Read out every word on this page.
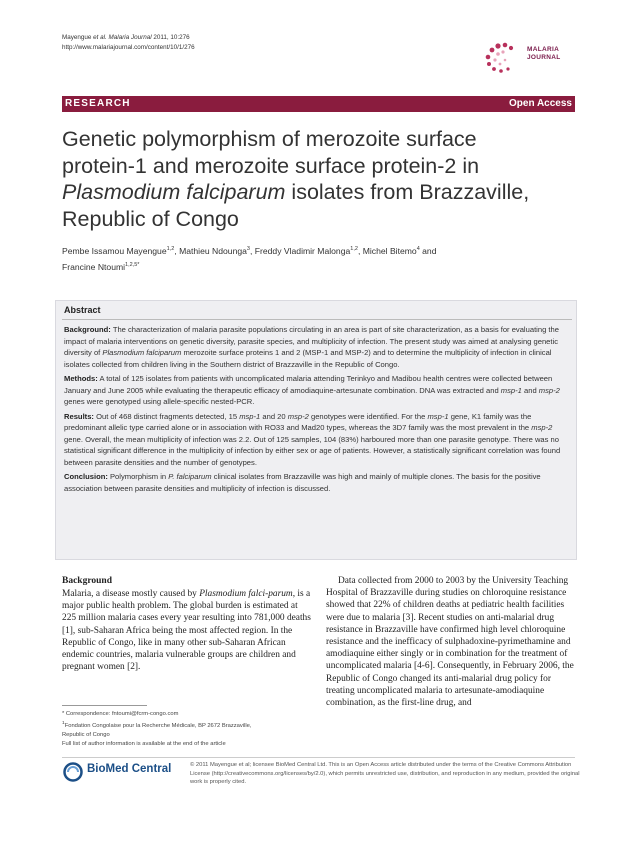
Mayengue et al. Malaria Journal 2011, 10:276
http://www.malariajournal.com/content/10/1/276	MALARIA
JOURNAL
RESEARCH	Open Access
Genetic polymorphism of merozoite surface
protein-1 and merozoite surface protein-2 in
Plasmodium falciparum isolates from Brazzaville,
Republic of Congo
Pembe Issamou Mayengue$^{1,2}$, Mathieu Ndounga$^3$, Freddy Vladimir Malonga$^{1,2}$, Michel Bitemo$^4$ and
Francine Ntoumi$^{1,2,5*}$
Abstract

Background: The characterization of malaria parasite populations circulating in an area is part of site characterization, as a basis for evaluating the impact of malaria interventions on genetic diversity, parasite species, and multiplicity of infection. The present study was aimed at analysing genetic diversity of Plasmodium falciparum merozoite surface proteins 1 and 2 (MSP-1 and MSP-2) and to determine the multiplicity of infection in clinical isolates collected from children living in the Southern district of Brazzaville in the Republic of Congo.

Methods: A total of 125 isolates from patients with uncomplicated malaria attending Terinkyo and Madibou health centres were collected between January and June 2005 while evaluating the therapeutic efficacy of amodiaquine-artesunate combination. DNA was extracted and msp-1 and msp-2 genes were genotyped using allele-specific nested-PCR.

Results: Out of 468 distinct fragments detected, 15 msp-1 and 20 msp-2 genotypes were identified. For the msp-1 gene, K1 family was the predominant allelic type carried alone or in association with RO33 and Mad20 types, whereas the 3D7 family was the most prevalent in the msp-2 gene. Overall, the mean multiplicity of infection was 2.2. Out of 125 samples, 104 (83%) harboured more than one parasite genotype. There was no statistical significant difference in the multiplicity of infection by either sex or age of patients. However, a statistically significant correlation was found between parasite densities and the number of genotypes.

Conclusion: Polymorphism in P. falciparum clinical isolates from Brazzaville was high and mainly of multiple clones. The basis for the positive association between parasite densities and multiplicity of infection is discussed.

Background
Malaria, a disease mostly caused by Plasmodium falci-parum, is a major public health problem. The global burden is estimated at 225 million malaria cases every year resulting into 781,000 deaths [1], sub-Saharan Africa being the most affected region. In the Republic of Congo, like in many other sub-Saharan African endemic countries, malaria vulnerable groups are children and pregnant women [2].
Data collected from 2000 to 2003 by the University Teaching Hospital of Brazzaville during studies on chloroquine resistance showed that 22% of children deaths at pediatric health facilities were due to malaria [3]. Recent studies on anti-malarial drug resistance in Brazzaville have confirmed high level chloroquine resistance and the inefficacy of sulphadoxine-pyrimethamine and amodiaquine either singly or in combination for the treatment of uncomplicated malaria [4-6]. Consequently, in February 2006, the Republic of Congo changed its anti-malarial drug policy for treating uncomplicated malaria to artesunate-amodiaquine combination, as the first-line drug, and
* Correspondence: fntoumi@fcrm-congo.com
$^1$Fondation Congolaise pour la Recherche Médicale, BP 2672 Brazzaville,
Republic of Congo
Full list of author information is available at the end of the article
BioMed Central	© 2011 Mayengue et al; licensee BioMed Central Ltd. This is an Open Access article distributed under the terms of the Creative Commons Attribution License (http://creativecommons.org/licenses/by/2.0), which permits unrestricted use, distribution, and reproduction in any medium, provided the original work is properly cited.
